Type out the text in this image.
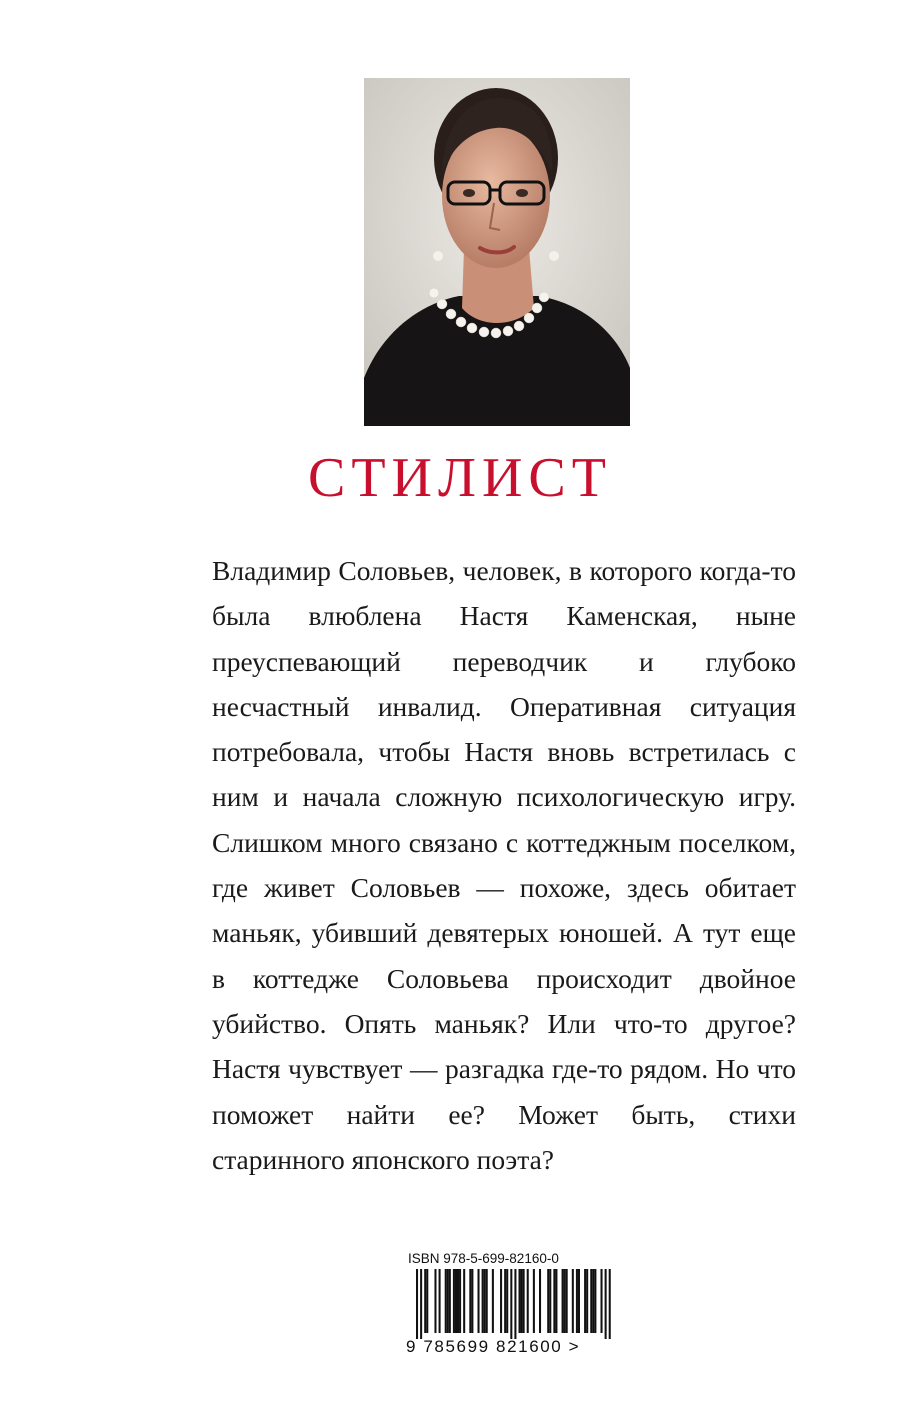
СТИЛИСТ

Владимир Соловьев, человек, в которого когда-то была влюблена Настя Каменская, ныне преуспевающий переводчик и глубоко несчастный инвалид. Оперативная ситуация потребовала, чтобы Настя вновь встретилась с ним и начала сложную психологическую игру. Слишком много связано с коттеджным поселком, где живет Соловьев — похоже, здесь обитает маньяк, убивший девятерых юношей. А тут еще в коттедже Соловьева происходит двойное убийство. Опять маньяк? Или что-то другое? Настя чувствует — разгадка где-то рядом. Но что поможет найти ее? Может быть, стихи старинного японского поэта?

ISBN 978-5-699-82160-0
9 785699 821600 >
